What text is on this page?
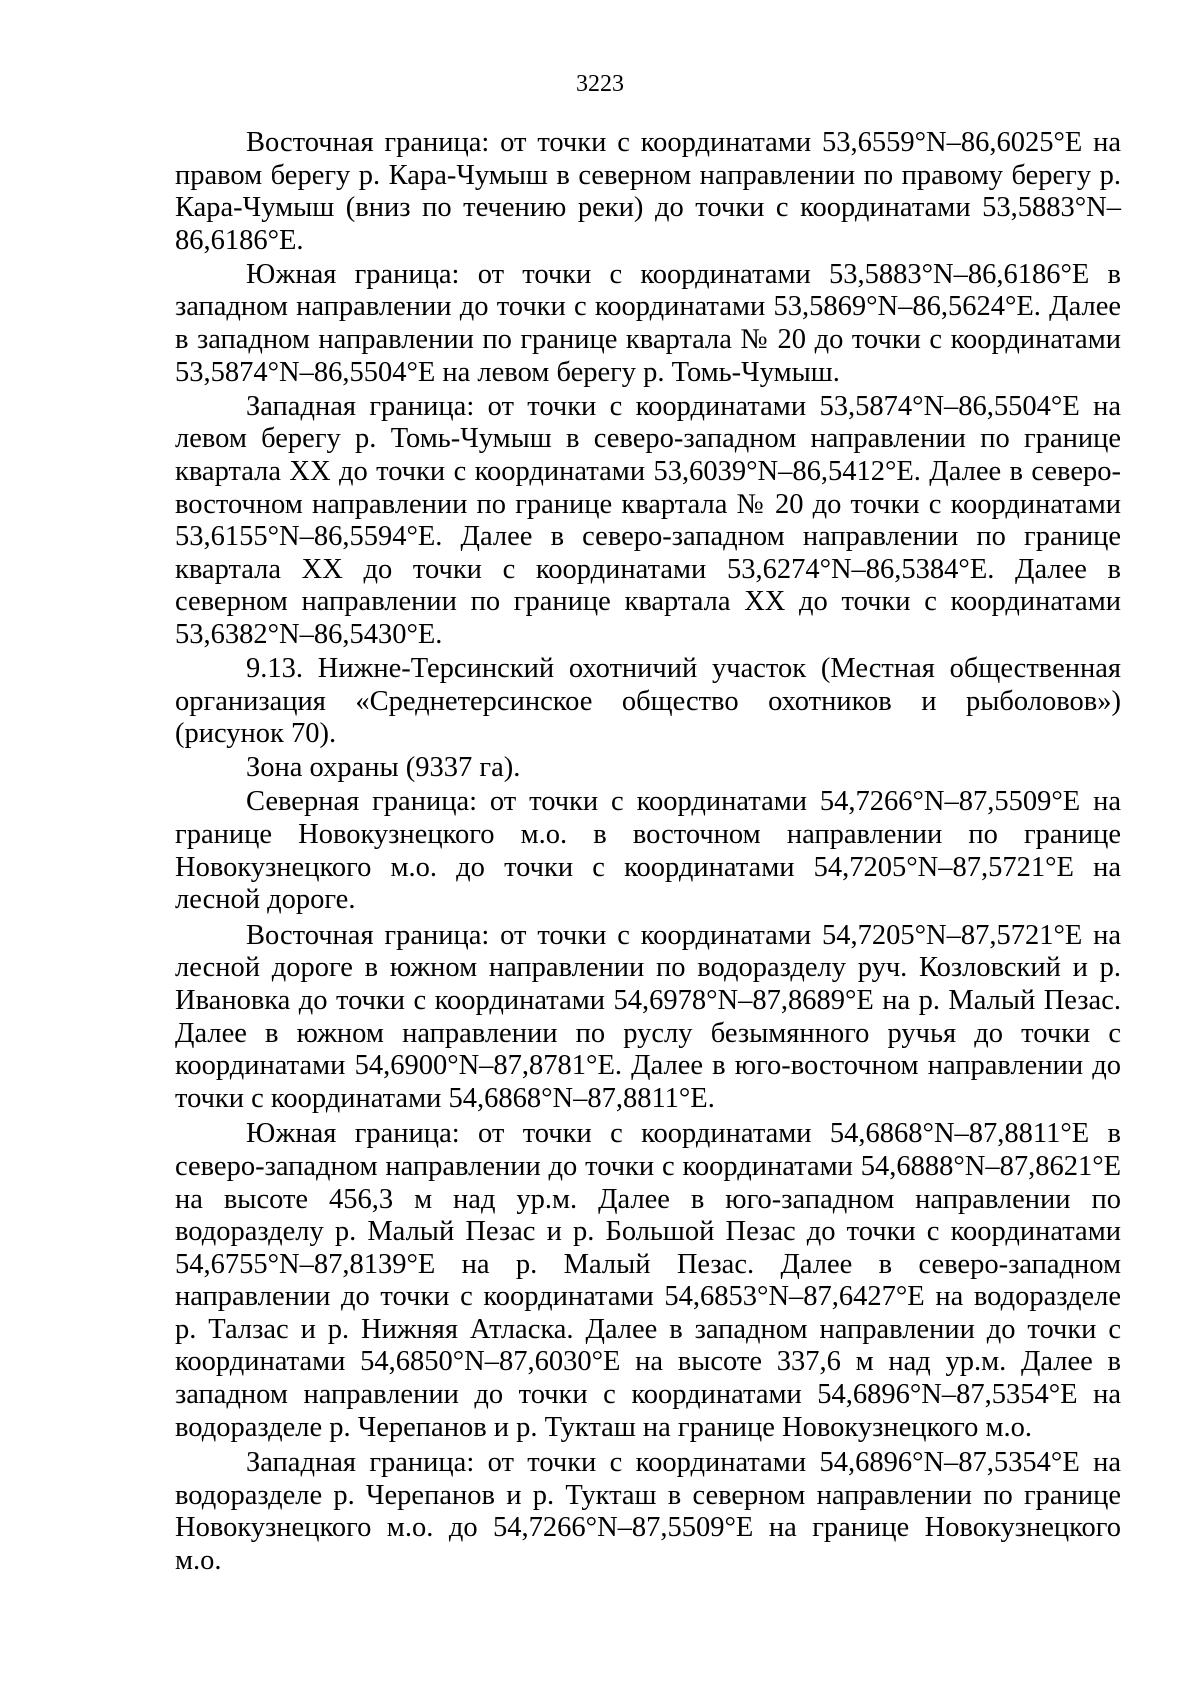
3223

Восточная граница: от точки с координатами 53,6559°N–86,6025°E на правом берегу р. Кара-Чумыш в северном направлении по правому берегу р. Кара-Чумыш (вниз по течению реки) до точки с координатами 53,5883°N–86,6186°E.

Южная граница: от точки с координатами 53,5883°N–86,6186°E в западном направлении до точки с координатами 53,5869°N–86,5624°E. Далее в западном направлении по границе квартала № 20 до точки с координатами 53,5874°N–86,5504°E на левом берегу р. Томь-Чумыш.

Западная граница: от точки с координатами 53,5874°N–86,5504°E на левом берегу р. Томь-Чумыш в северо-западном направлении по границе квартала ХХ до точки с координатами 53,6039°N–86,5412°E. Далее в северо-восточном направлении по границе квартала № 20 до точки с координатами 53,6155°N–86,5594°E. Далее в северо-западном направлении по границе квартала ХХ до точки с координатами 53,6274°N–86,5384°E. Далее в северном направлении по границе квартала ХХ до точки с координатами 53,6382°N–86,5430°E.

9.13. Нижне-Терсинский охотничий участок (Местная общественная организация «Среднетерсинское общество охотников и рыболовов») (рисунок 70).

Зона охраны (9337 га).

Северная граница: от точки с координатами 54,7266°N–87,5509°E на границе Новокузнецкого м.о. в восточном направлении по границе Новокузнецкого м.о. до точки с координатами 54,7205°N–87,5721°E на лесной дороге.

Восточная граница: от точки с координатами 54,7205°N–87,5721°E на лесной дороге в южном направлении по водоразделу руч. Козловский и р. Ивановка до точки с координатами 54,6978°N–87,8689°E на р. Малый Пезас. Далее в южном направлении по руслу безымянного ручья до точки с координатами 54,6900°N–87,8781°E. Далее в юго-восточном направлении до точки с координатами 54,6868°N–87,8811°E.

Южная граница: от точки с координатами 54,6868°N–87,8811°E в северо-западном направлении до точки с координатами 54,6888°N–87,8621°E на высоте 456,3 м над ур.м. Далее в юго-западном направлении по водоразделу р. Малый Пезас и р. Большой Пезас до точки с координатами 54,6755°N–87,8139°E на р. Малый Пезас. Далее в северо-западном направлении до точки с координатами 54,6853°N–87,6427°E на водоразделе р. Талзас и р. Нижняя Атласка. Далее в западном направлении до точки с координатами 54,6850°N–87,6030°E на высоте 337,6 м над ур.м. Далее в западном направлении до точки с координатами 54,6896°N–87,5354°E на водоразделе р. Черепанов и р. Тукташ на границе Новокузнецкого м.о.

Западная граница: от точки с координатами 54,6896°N–87,5354°E на водоразделе р. Черепанов и р. Тукташ в северном направлении по границе Новокузнецкого м.о. до 54,7266°N–87,5509°E на границе Новокузнецкого м.о.
